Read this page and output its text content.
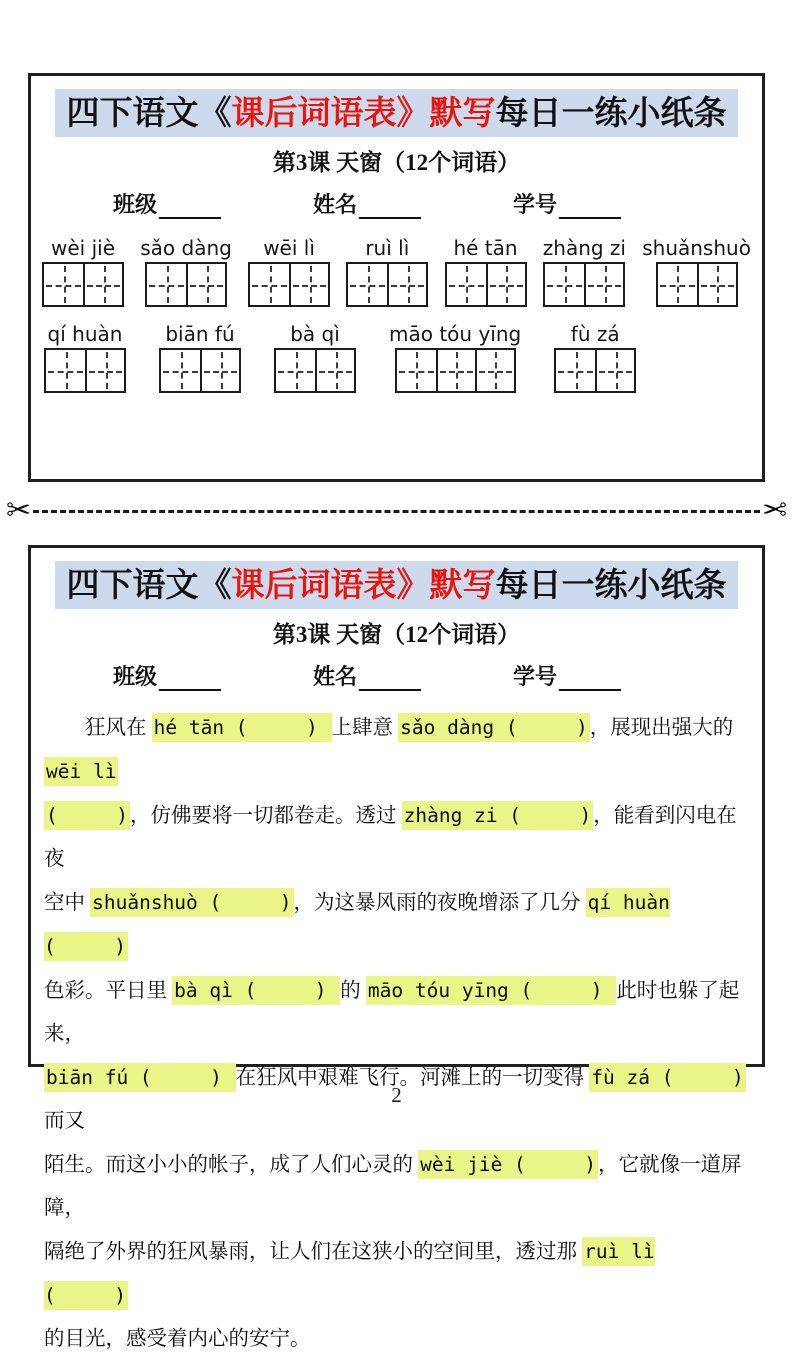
四下语文《课后词语表》默写每日一练小纸条
第3课 天窗（12个词语）
班级	姓名	学号
wèi jiè sǎo dàng wēi lì	ruì lì hé tān zhàng zi shuǎnshuò
qí huàn biān fú	bà qì māo tóu yīng fù zá
✂	✂
四下语文《课后词语表》默写每日一练小纸条
第3课 天窗（12个词语）
班级	姓名	学号
　　狂风在 hé tān (　　　) 上肆意 sǎo dàng (　　　)，展现出强大的 wēi lì
(　　　)，仿佛要将一切都卷走。透过 zhàng zi (　　　)，能看到闪电在夜
空中 shuǎnshuò (　　　)，为这暴风雨的夜晚增添了几分 qí huàn (　　　)
色彩。平日里 bà qì (　　　) 的 māo tóu yīng (　　　) 此时也躲了起来，
biān fú (　　　) 在狂风中艰难飞行。河滩上的一切变得 fù zá (　　　) 而又
陌生。而这小小的帐子，成了人们心灵的 wèi jiè (　　　)，它就像一道屏障，
隔绝了外界的狂风暴雨，让人们在这狭小的空间里，透过那 ruì lì (　　　)
的目光，感受着内心的安宁。
2
